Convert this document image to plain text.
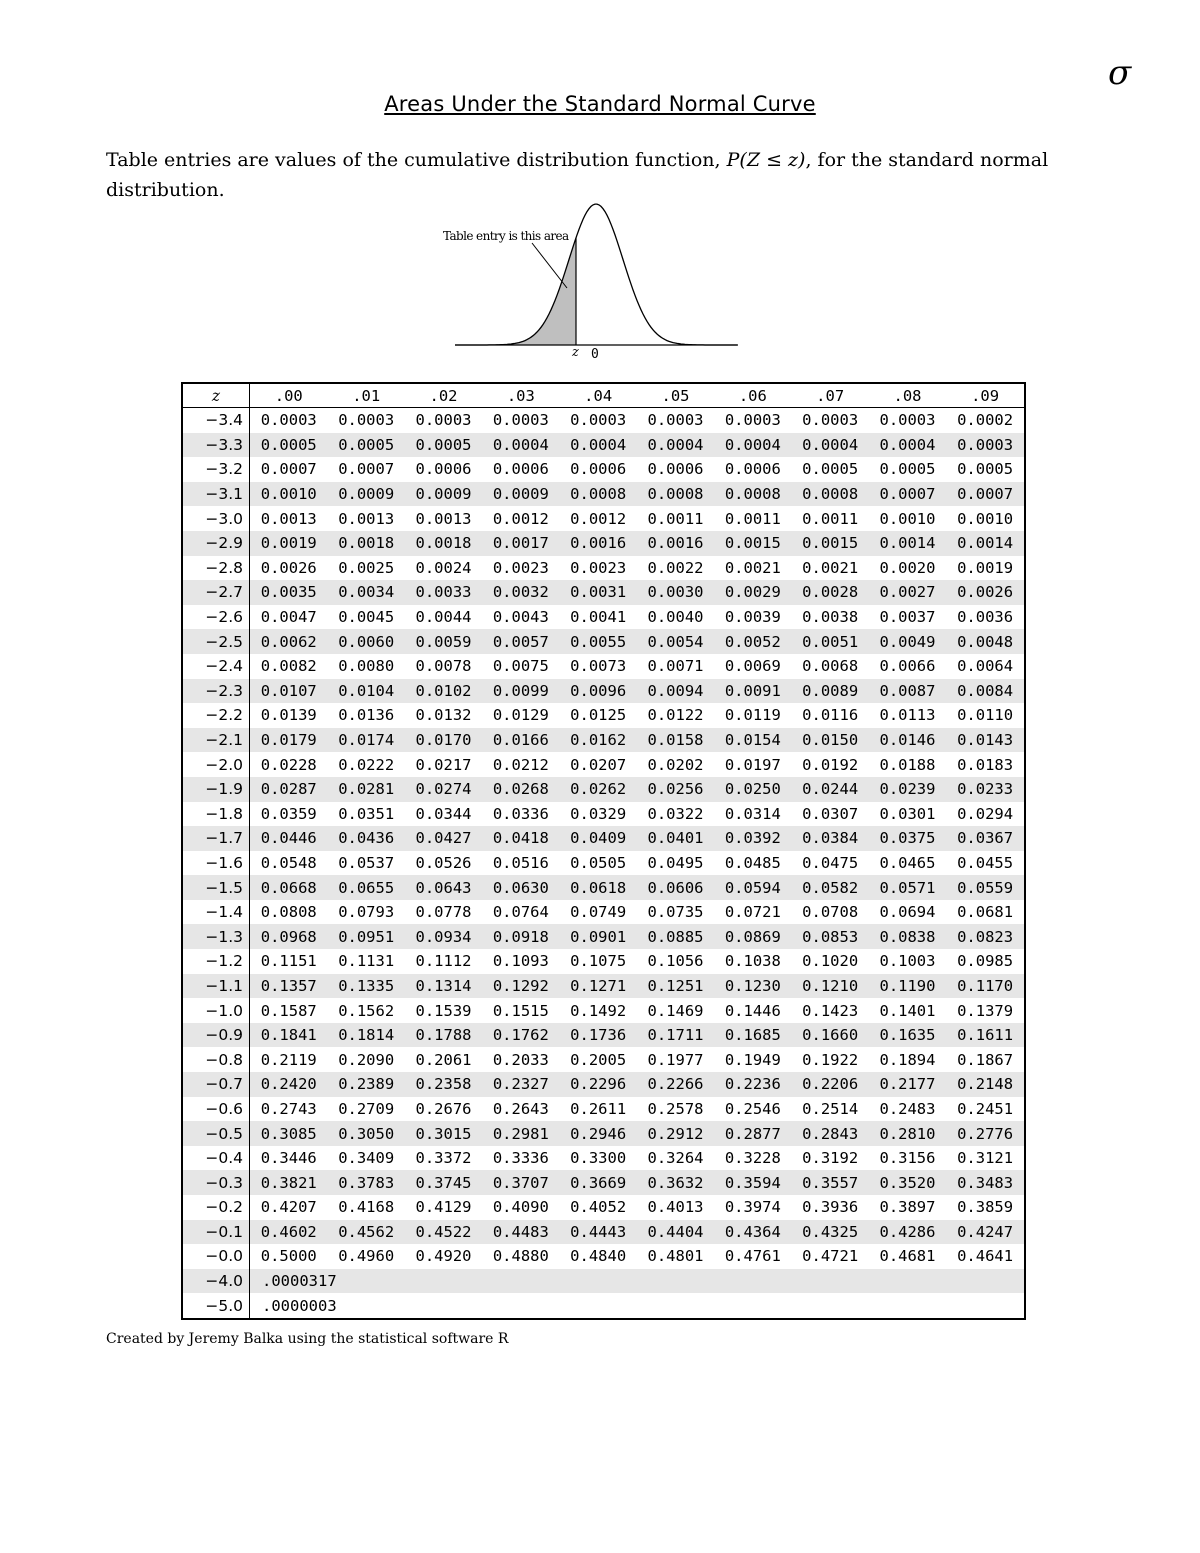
σ
Areas Under the Standard Normal Curve
Table entries are values of the cumulative distribution function, P(Z ≤ z), for the standard normal distribution.
Table entry is this area
z 0
z	.00	.01	.02	.03	.04	.05	.06	.07	.08	.09
−3.4	0.0003	0.0003	0.0003	0.0003	0.0003	0.0003	0.0003	0.0003	0.0003	0.0002
−3.3	0.0005	0.0005	0.0005	0.0004	0.0004	0.0004	0.0004	0.0004	0.0004	0.0003
−3.2	0.0007	0.0007	0.0006	0.0006	0.0006	0.0006	0.0006	0.0005	0.0005	0.0005
−3.1	0.0010	0.0009	0.0009	0.0009	0.0008	0.0008	0.0008	0.0008	0.0007	0.0007
−3.0	0.0013	0.0013	0.0013	0.0012	0.0012	0.0011	0.0011	0.0011	0.0010	0.0010
−2.9	0.0019	0.0018	0.0018	0.0017	0.0016	0.0016	0.0015	0.0015	0.0014	0.0014
−2.8	0.0026	0.0025	0.0024	0.0023	0.0023	0.0022	0.0021	0.0021	0.0020	0.0019
−2.7	0.0035	0.0034	0.0033	0.0032	0.0031	0.0030	0.0029	0.0028	0.0027	0.0026
−2.6	0.0047	0.0045	0.0044	0.0043	0.0041	0.0040	0.0039	0.0038	0.0037	0.0036
−2.5	0.0062	0.0060	0.0059	0.0057	0.0055	0.0054	0.0052	0.0051	0.0049	0.0048
−2.4	0.0082	0.0080	0.0078	0.0075	0.0073	0.0071	0.0069	0.0068	0.0066	0.0064
−2.3	0.0107	0.0104	0.0102	0.0099	0.0096	0.0094	0.0091	0.0089	0.0087	0.0084
−2.2	0.0139	0.0136	0.0132	0.0129	0.0125	0.0122	0.0119	0.0116	0.0113	0.0110
−2.1	0.0179	0.0174	0.0170	0.0166	0.0162	0.0158	0.0154	0.0150	0.0146	0.0143
−2.0	0.0228	0.0222	0.0217	0.0212	0.0207	0.0202	0.0197	0.0192	0.0188	0.0183
−1.9	0.0287	0.0281	0.0274	0.0268	0.0262	0.0256	0.0250	0.0244	0.0239	0.0233
−1.8	0.0359	0.0351	0.0344	0.0336	0.0329	0.0322	0.0314	0.0307	0.0301	0.0294
−1.7	0.0446	0.0436	0.0427	0.0418	0.0409	0.0401	0.0392	0.0384	0.0375	0.0367
−1.6	0.0548	0.0537	0.0526	0.0516	0.0505	0.0495	0.0485	0.0475	0.0465	0.0455
−1.5	0.0668	0.0655	0.0643	0.0630	0.0618	0.0606	0.0594	0.0582	0.0571	0.0559
−1.4	0.0808	0.0793	0.0778	0.0764	0.0749	0.0735	0.0721	0.0708	0.0694	0.0681
−1.3	0.0968	0.0951	0.0934	0.0918	0.0901	0.0885	0.0869	0.0853	0.0838	0.0823
−1.2	0.1151	0.1131	0.1112	0.1093	0.1075	0.1056	0.1038	0.1020	0.1003	0.0985
−1.1	0.1357	0.1335	0.1314	0.1292	0.1271	0.1251	0.1230	0.1210	0.1190	0.1170
−1.0	0.1587	0.1562	0.1539	0.1515	0.1492	0.1469	0.1446	0.1423	0.1401	0.1379
−0.9	0.1841	0.1814	0.1788	0.1762	0.1736	0.1711	0.1685	0.1660	0.1635	0.1611
−0.8	0.2119	0.2090	0.2061	0.2033	0.2005	0.1977	0.1949	0.1922	0.1894	0.1867
−0.7	0.2420	0.2389	0.2358	0.2327	0.2296	0.2266	0.2236	0.2206	0.2177	0.2148
−0.6	0.2743	0.2709	0.2676	0.2643	0.2611	0.2578	0.2546	0.2514	0.2483	0.2451
−0.5	0.3085	0.3050	0.3015	0.2981	0.2946	0.2912	0.2877	0.2843	0.2810	0.2776
−0.4	0.3446	0.3409	0.3372	0.3336	0.3300	0.3264	0.3228	0.3192	0.3156	0.3121
−0.3	0.3821	0.3783	0.3745	0.3707	0.3669	0.3632	0.3594	0.3557	0.3520	0.3483
−0.2	0.4207	0.4168	0.4129	0.4090	0.4052	0.4013	0.3974	0.3936	0.3897	0.3859
−0.1	0.4602	0.4562	0.4522	0.4483	0.4443	0.4404	0.4364	0.4325	0.4286	0.4247
−0.0	0.5000	0.4960	0.4920	0.4880	0.4840	0.4801	0.4761	0.4721	0.4681	0.4641
−4.0	.0000317									
−5.0	.0000003									
Created by Jeremy Balka using the statistical software R
